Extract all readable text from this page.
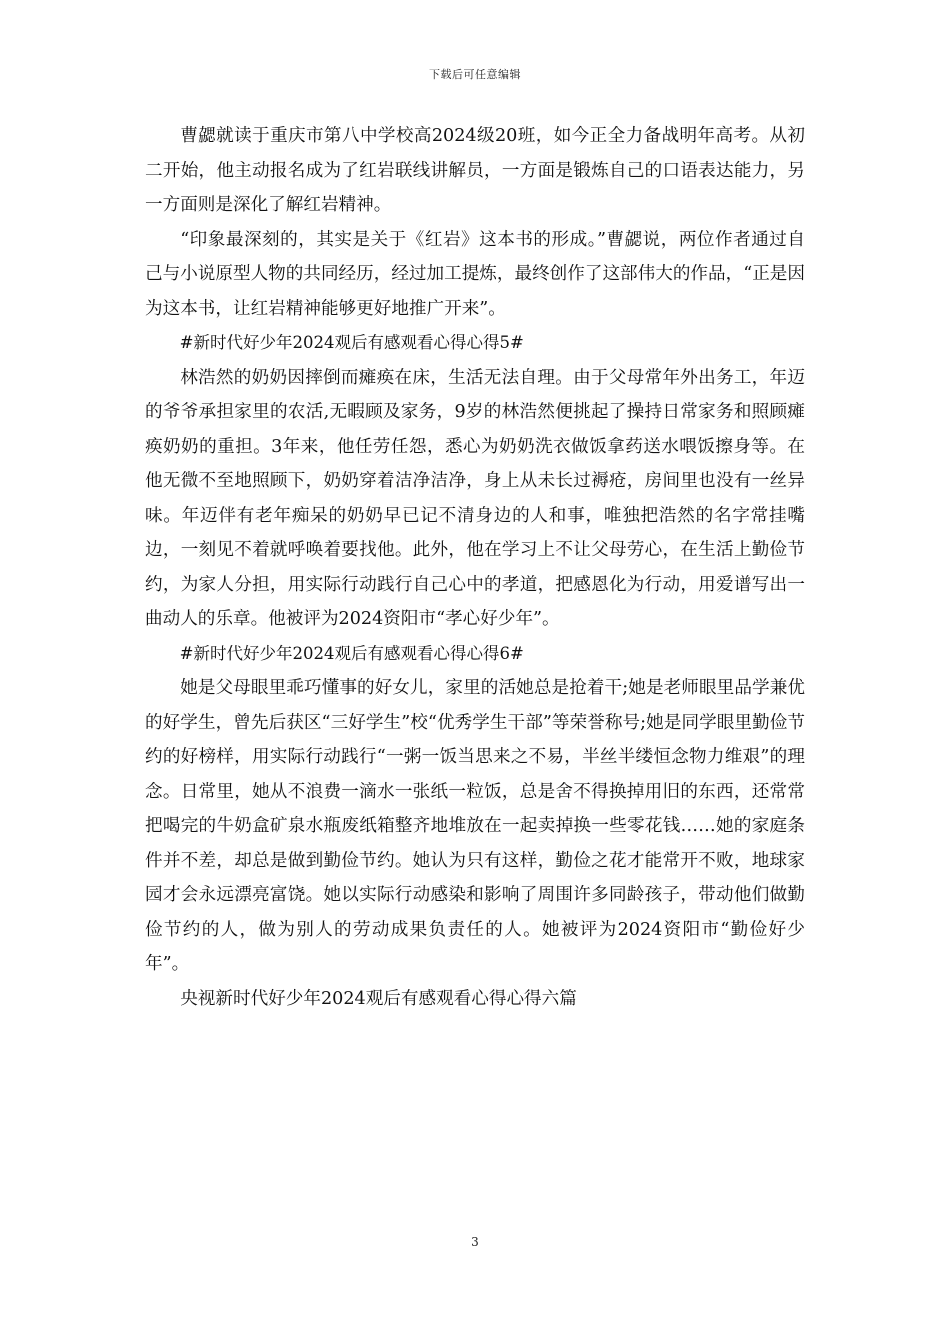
下载后可任意编辑

曹勰就读于重庆市第八中学校高2024级20班，如今正全力备战明年高考。从初二开始，他主动报名成为了红岩联线讲解员，一方面是锻炼自己的口语表达能力，另一方面则是深化了解红岩精神。

“印象最深刻的，其实是关于《红岩》这本书的形成。”曹勰说，两位作者通过自己与小说原型人物的共同经历，经过加工提炼，最终创作了这部伟大的作品，“正是因为这本书，让红岩精神能够更好地推广开来”。

#新时代好少年2024观后有感观看心得心得5#

林浩然的奶奶因摔倒而瘫痪在床，生活无法自理。由于父母常年外出务工，年迈的爷爷承担家里的农活,无暇顾及家务，9岁的林浩然便挑起了操持日常家务和照顾瘫痪奶奶的重担。3年来，他任劳任怨，悉心为奶奶洗衣做饭拿药送水喂饭擦身等。在他无微不至地照顾下，奶奶穿着洁净洁净，身上从未长过褥疮，房间里也没有一丝异味。年迈伴有老年痴呆的奶奶早已记不清身边的人和事，唯独把浩然的名字常挂嘴边，一刻见不着就呼唤着要找他。此外，他在学习上不让父母劳心，在生活上勤俭节约，为家人分担，用实际行动践行自己心中的孝道，把感恩化为行动，用爱谱写出一曲动人的乐章。他被评为2024资阳市“孝心好少年”。

#新时代好少年2024观后有感观看心得心得6#

她是父母眼里乖巧懂事的好女儿，家里的活她总是抢着干;她是老师眼里品学兼优的好学生，曾先后获区“三好学生”校“优秀学生干部”等荣誉称号;她是同学眼里勤俭节约的好榜样，用实际行动践行“一粥一饭当思来之不易，半丝半缕恒念物力维艰”的理念。日常里，她从不浪费一滴水一张纸一粒饭，总是舍不得换掉用旧的东西，还常常把喝完的牛奶盒矿泉水瓶废纸箱整齐地堆放在一起卖掉换一些零花钱……她的家庭条件并不差，却总是做到勤俭节约。她认为只有这样，勤俭之花才能常开不败，地球家园才会永远漂亮富饶。她以实际行动感染和影响了周围许多同龄孩子，带动他们做勤俭节约的人，做为别人的劳动成果负责任的人。她被评为2024资阳市“勤俭好少年”。

央视新时代好少年2024观后有感观看心得心得六篇

3
